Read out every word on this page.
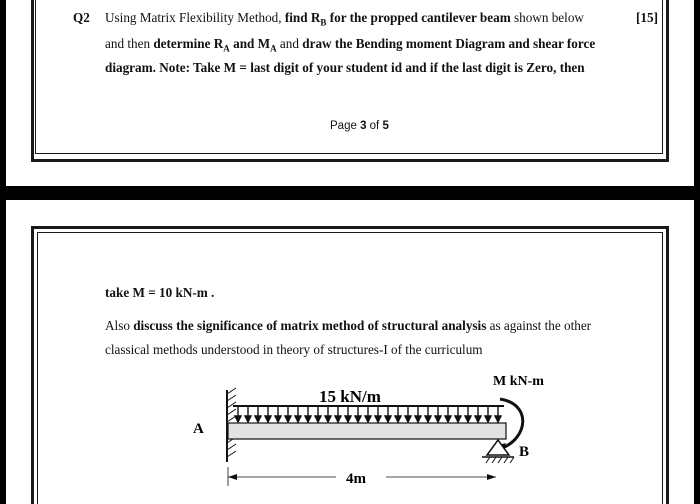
Q2 Using Matrix Flexibility Method, find $R_B$ for the propped cantilever beam shown below	[15]
and then determine $R_A$ and $M_A$ and draw the Bending moment Diagram and shear force
diagram. Note: Take M = last digit of your student id and if the last digit is Zero, then
Page 3 of 5
take M = 10 kN-m .
Also discuss the significance of matrix method of structural analysis as against the other
classical methods understood in theory of structures-I of the curriculum
M kN-m
15 kN/m
A
B
4m
